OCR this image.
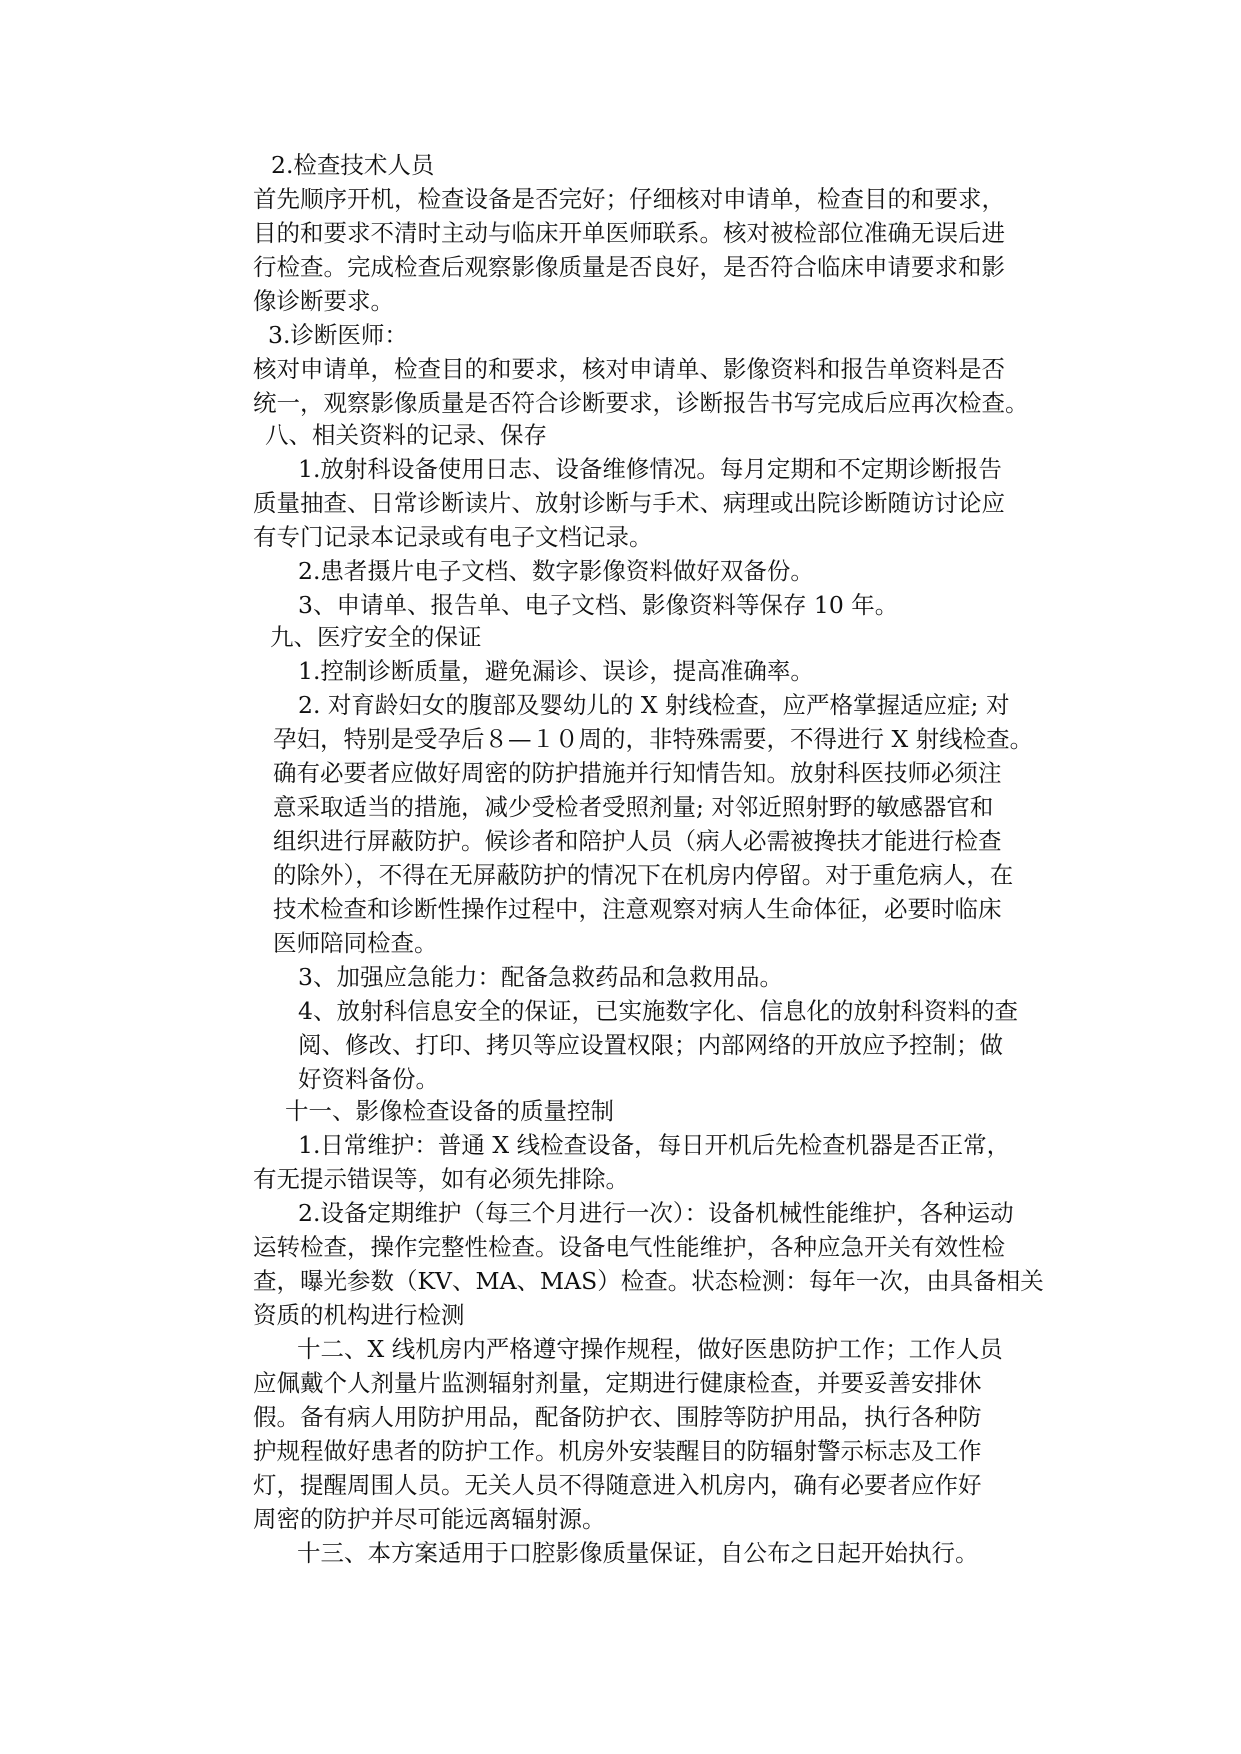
2.检查技术人员
首先顺序开机，检查设备是否完好；仔细核对申请单，检查目的和要求，
目的和要求不清时主动与临床开单医师联系。核对被检部位准确无误后进
行检查。完成检查后观察影像质量是否良好，是否符合临床申请要求和影
像诊断要求。
3.诊断医师：
核对申请单，检查目的和要求，核对申请单、影像资料和报告单资料是否
统一，观察影像质量是否符合诊断要求，诊断报告书写完成后应再次检查。
八、相关资料的记录、保存
1.放射科设备使用日志、设备维修情况。每月定期和不定期诊断报告
质量抽查、日常诊断读片、放射诊断与手术、病理或出院诊断随访讨论应
有专门记录本记录或有电子文档记录。
2.患者摄片电子文档、数字影像资料做好双备份。
3、申请单、报告单、电子文档、影像资料等保存 10 年。
九、医疗安全的保证
1.控制诊断质量，避免漏诊、误诊，提高准确率。
2. 对育龄妇女的腹部及婴幼儿的 X 射线检查，应严格掌握适应症; 对
孕妇，特别是受孕后８—１０周的，非特殊需要，不得进行 X 射线检查。
确有必要者应做好周密的防护措施并行知情告知。放射科医技师必须注
意采取适当的措施，减少受检者受照剂量; 对邻近照射野的敏感器官和
组织进行屏蔽防护。候诊者和陪护人员（病人必需被搀扶才能进行检查
的除外），不得在无屏蔽防护的情况下在机房内停留。对于重危病人，在
技术检查和诊断性操作过程中，注意观察对病人生命体征，必要时临床
医师陪同检查。
3、加强应急能力：配备急救药品和急救用品。
4、放射科信息安全的保证，已实施数字化、信息化的放射科资料的查
阅、修改、打印、拷贝等应设置权限；内部网络的开放应予控制；做
好资料备份。
十一、影像检查设备的质量控制
1.日常维护：普通 X 线检查设备，每日开机后先检查机器是否正常，
有无提示错误等，如有必须先排除。
2.设备定期维护（每三个月进行一次）：设备机械性能维护，各种运动
运转检查，操作完整性检查。设备电气性能维护，各种应急开关有效性检
查，曝光参数（KV、MA、MAS）检查。状态检测：每年一次，由具备相关
资质的机构进行检测
十二、X 线机房内严格遵守操作规程，做好医患防护工作；工作人员
应佩戴个人剂量片监测辐射剂量，定期进行健康检查，并要妥善安排休
假。备有病人用防护用品，配备防护衣、围脖等防护用品，执行各种防
护规程做好患者的防护工作。机房外安装醒目的防辐射警示标志及工作
灯，提醒周围人员。无关人员不得随意进入机房内，确有必要者应作好
周密的防护并尽可能远离辐射源。
十三、本方案适用于口腔影像质量保证，自公布之日起开始执行。
